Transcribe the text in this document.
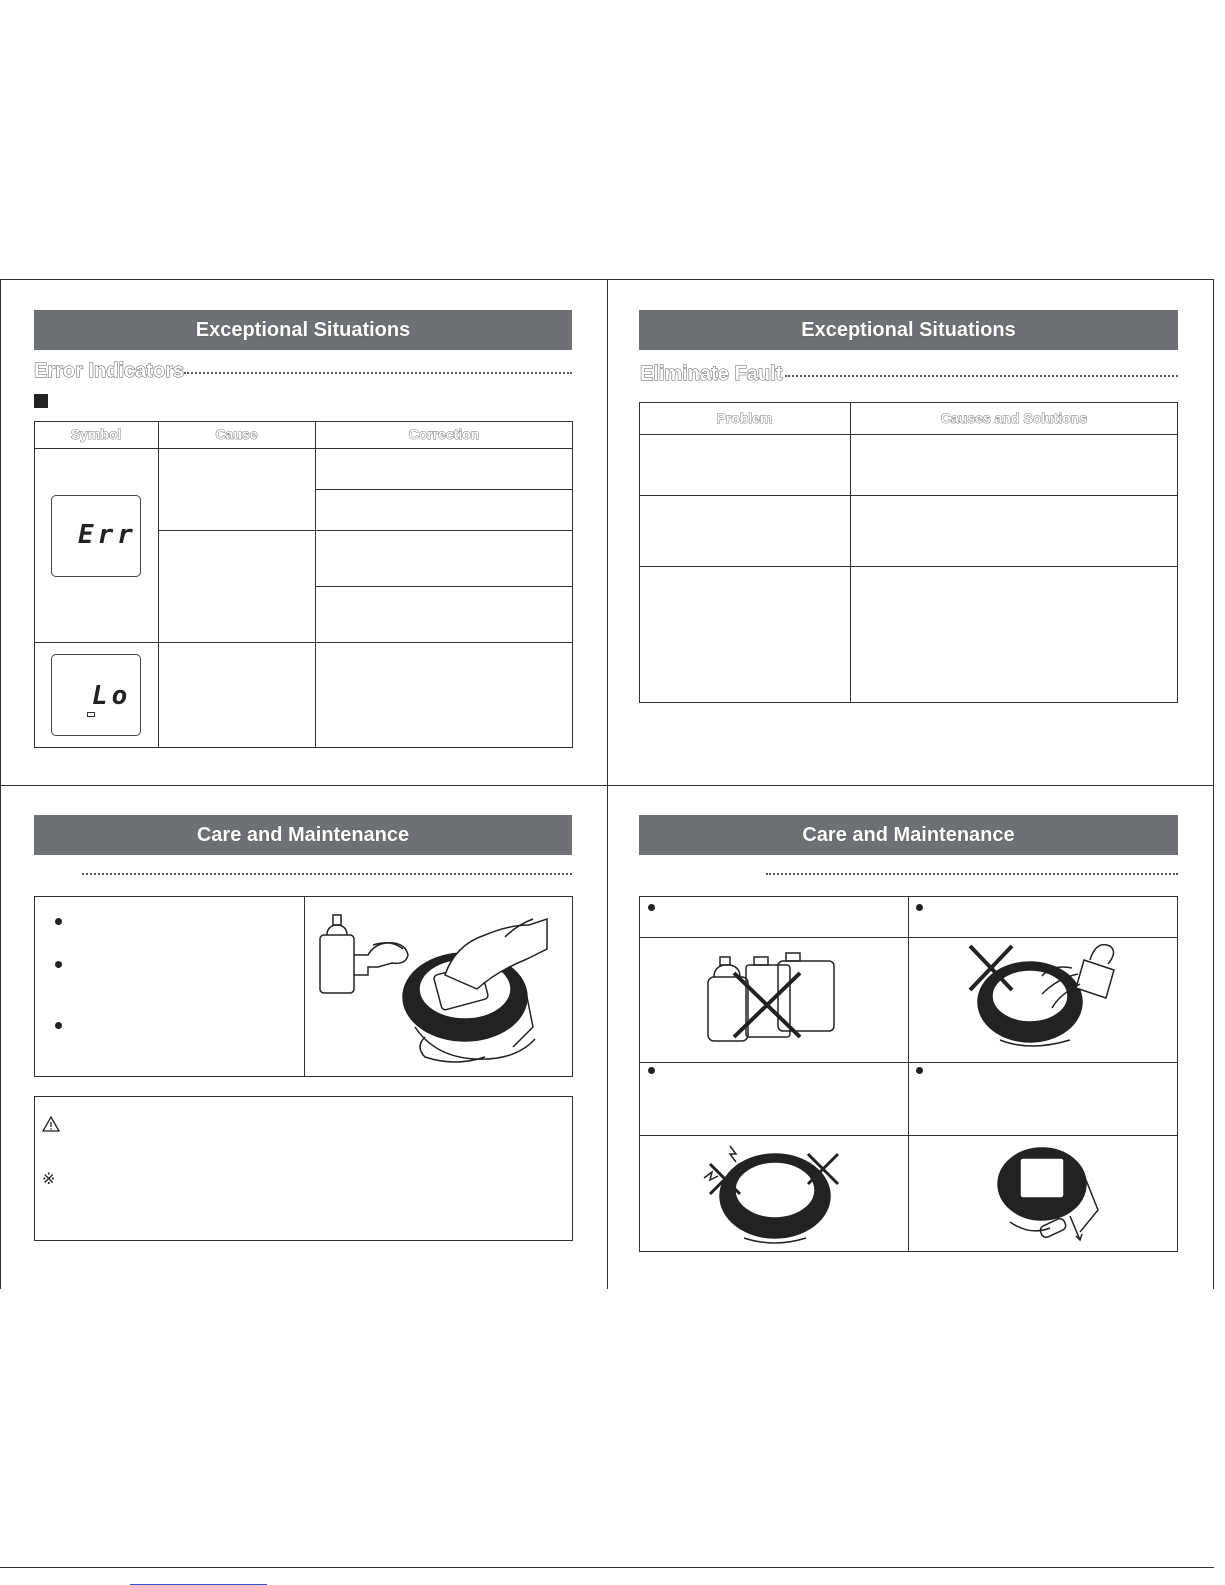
Exceptional Situations
Error Indicators
Symbol	Cause	Correction
Err
Lo
Exceptional Situations
Eliminate Fault
Problem	Causes and Solutions
Care and Maintenance
※
Care and Maintenance
